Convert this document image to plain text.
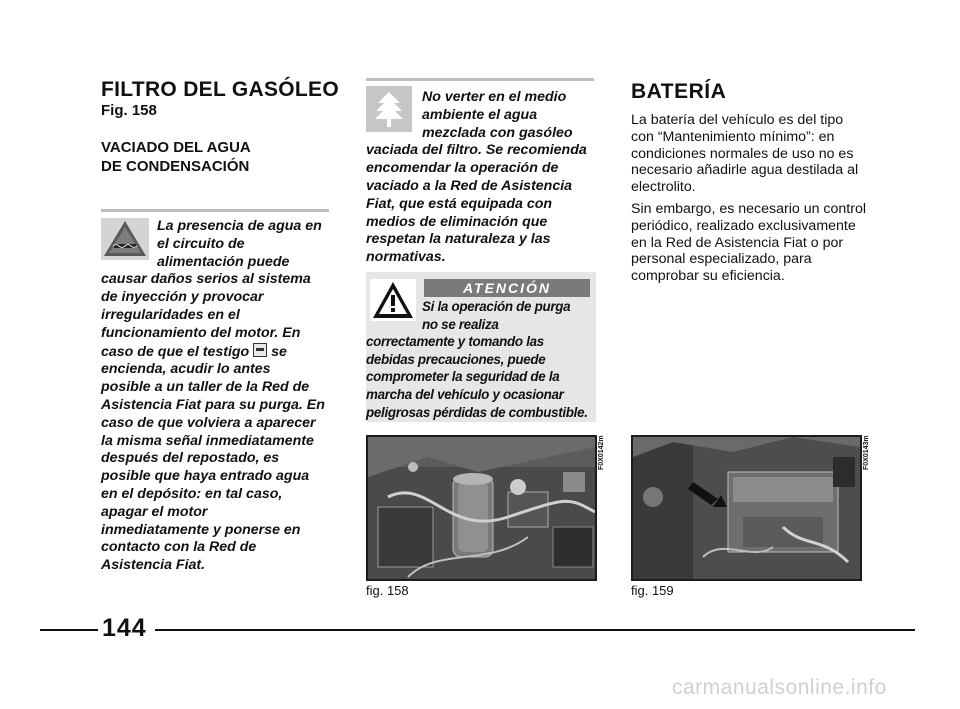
FILTRO DEL GASÓLEO
Fig. 158
VACIADO DEL AGUA
DE CONDENSACIÓN
La presencia de agua en
el circuito de
alimentación puede
causar daños serios al sistema
de inyección y provocar
irregularidades en el
funcionamiento del motor. En
caso de que el testigo se
encienda, acudir lo antes
posible a un taller de la Red de
Asistencia Fiat para su purga. En
caso de que volviera a aparecer
la misma señal inmediatamente
después del repostado, es
posible que haya entrado agua
en el depósito: en tal caso,
apagar el motor
inmediatamente y ponerse en
contacto con la Red de
Asistencia Fiat.
No verter en el medio
ambiente el agua
mezclada con gasóleo
vaciada del filtro. Se recomienda
encomendar la operación de
vaciado a la Red de Asistencia
Fiat, que está equipada con
medios de eliminación que
respetan la naturaleza y las
normativas.
ATENCIÓN
Si la operación de purga
no se realiza
correctamente y tomando las
debidas precauciones, puede
comprometer la seguridad de la
marcha del vehículo y ocasionar
peligrosas pérdidas de combustible.
F0X0142m
fig. 158
BATERÍA
La batería del vehículo es del tipo
con “Mantenimiento mínimo”: en
condiciones normales de uso no es
necesario añadirle agua destilada al
electrolito.
Sin embargo, es necesario un control
periódico, realizado exclusivamente
en la Red de Asistencia Fiat o por
personal especializado, para
comprobar su eficiencia.
F0X0143m
fig. 159
144
carmanualsonline.info
